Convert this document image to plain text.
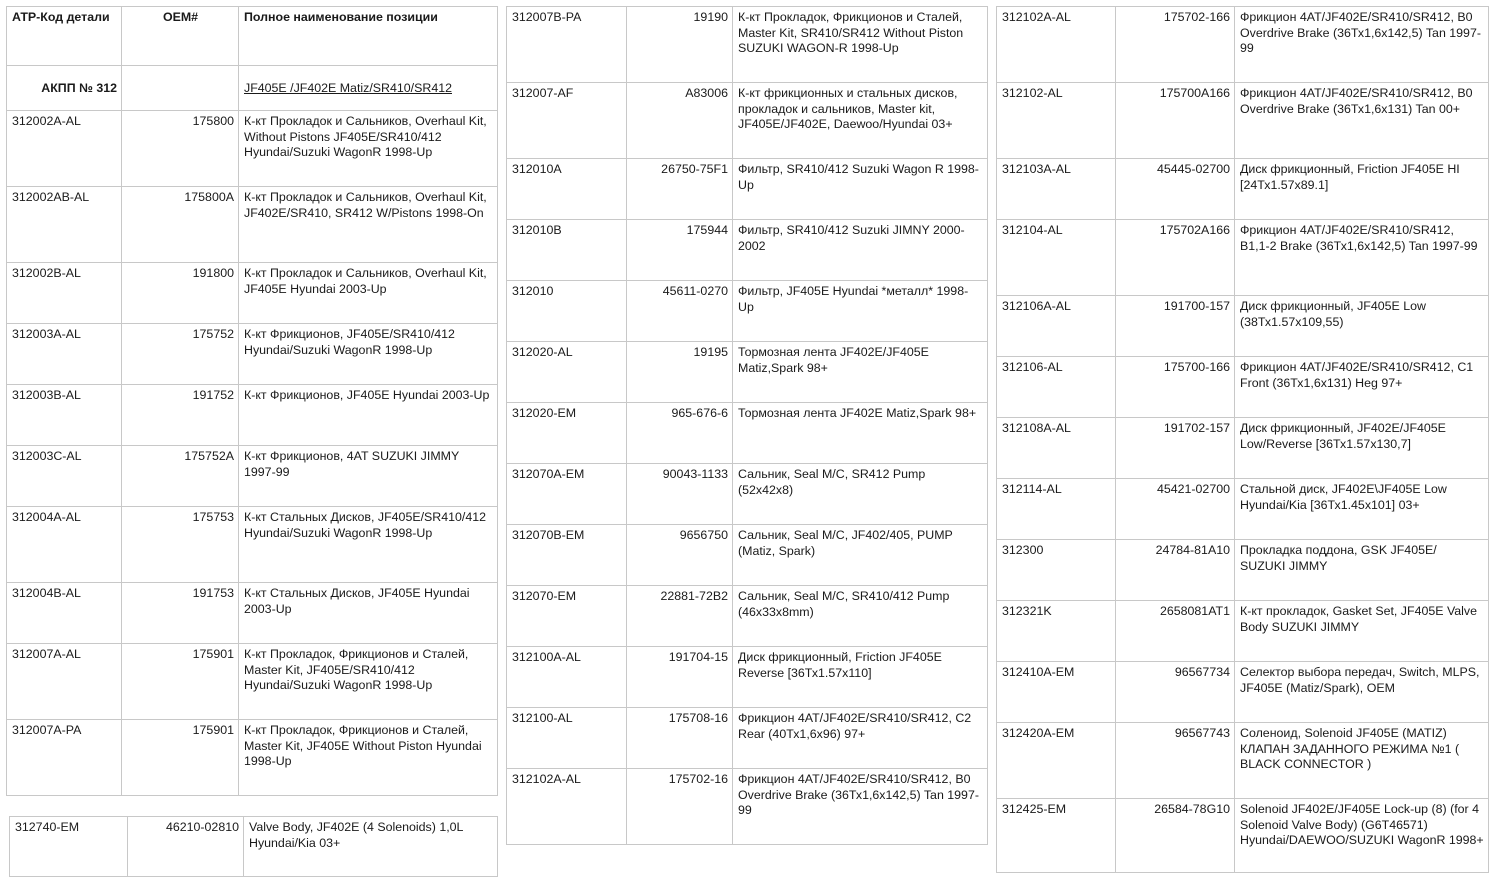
АТР-Код детали	OEM#	Полное наименование позиции
АКПП № 312		JF405E /JF402E Matiz/SR410/SR412
312002A-AL	175800	К-кт Прокладок и Сальников, Overhaul Kit, Without Pistons JF405E/SR410/412 Hyundai/Suzuki WagonR 1998-Up
312002AB-AL	175800A	К-кт Прокладок и Сальников, Overhaul Kit, JF402E/SR410, SR412 W/Pistons 1998-On
312002B-AL	191800	К-кт Прокладок и Сальников, Overhaul Kit, JF405E Hyundai 2003-Up
312003A-AL	175752	К-кт Фрикционов, JF405E/SR410/412 Hyundai/Suzuki WagonR 1998-Up
312003B-AL	191752	К-кт Фрикционов, JF405E Hyundai 2003-Up
312003C-AL	175752A	К-кт Фрикционов, 4AT SUZUKI JIMMY 1997-99
312004A-AL	175753	К-кт Стальных Дисков, JF405E/SR410/412 Hyundai/Suzuki WagonR 1998-Up
312004B-AL	191753	К-кт Стальных Дисков, JF405E Hyundai 2003-Up
312007A-AL	175901	К-кт Прокладок, Фрикционов и Сталей, Master Kit, JF405E/SR410/412 Hyundai/Suzuki WagonR 1998-Up
312007A-PA	175901	К-кт Прокладок, Фрикционов и Сталей, Master Kit, JF405E Without Piston Hyundai 1998-Up
312740-EM	46210-02810	Valve Body, JF402E (4 Solenoids) 1,0L Hyundai/Kia 03+
312007B-PA	19190	К-кт Прокладок, Фрикционов и Сталей, Master Kit, SR410/SR412 Without Piston SUZUKI WAGON-R 1998-Up
312007-AF	A83006	К-кт фрикционных и стальных дисков, прокладок и сальников, Master kit, JF405E/JF402E, Daewoo/Hyundai 03+
312010A	26750-75F1	Фильтр, SR410/412 Suzuki Wagon R 1998-Up
312010B	175944	Фильтр, SR410/412 Suzuki JIMNY 2000-2002
312010	45611-0270	Фильтр, JF405E Hyundai *металл* 1998-Up
312020-AL	19195	Тормозная лента JF402E/JF405E Matiz,Spark 98+
312020-EM	965-676-6	Тормозная лента JF402E Matiz,Spark 98+
312070A-EM	90043-1133	Сальник, Seal M/C, SR412 Pump (52x42x8)
312070B-EM	9656750	Сальник, Seal M/C, JF402/405, PUMP (Matiz, Spark)
312070-EM	22881-72B2	Сальник, Seal M/C, SR410/412 Pump (46x33x8mm)
312100A-AL	191704-15	Диск фрикционный, Friction JF405E Reverse [36Тх1.57х110]
312100-AL	175708-16	Фрикцион 4AT/JF402E/SR410/SR412, C2 Rear (40Тх1,6х96) 97+
312102A-AL	175702-16	Фрикцион 4AT/JF402E/SR410/SR412, B0 Overdrive Brake (36Тх1,6х142,5) Tan 1997-99
312102A-AL	175702-166	Фрикцион 4AT/JF402E/SR410/SR412, B0 Overdrive Brake (36Тх1,6х142,5) Tan 1997-99
312102-AL	175700A166	Фрикцион 4AT/JF402E/SR410/SR412, B0 Overdrive Brake (36Тх1,6х131) Tan 00+
312103A-AL	45445-02700	Диск фрикционный, Friction JF405E HI [24Тх1.57х89.1]
312104-AL	175702A166	Фрикцион 4AT/JF402E/SR410/SR412, B1,1-2 Brake (36Тх1,6х142,5) Tan 1997-99
312106A-AL	191700-157	Диск фрикционный, JF405E Low (38Тх1.57х109,55)
312106-AL	175700-166	Фрикцион 4AT/JF402E/SR410/SR412, C1 Front (36Тх1,6х131) Heg 97+
312108A-AL	191702-157	Диск фрикционный, JF402E/JF405E Low/Reverse [36Тх1.57х130,7]
312114-AL	45421-02700	Стальной диск, JF402E\JF405E Low Hyundai/Kia [36Тх1.45х101] 03+
312300	24784-81A10	Прокладка поддона, GSK JF405E/ SUZUKI JIMMY
312321K	2658081AT1	К-кт прокладок, Gasket Set, JF405E Valve Body SUZUKI JIMMY
312410A-EM	96567734	Селектор выбора передач, Switch, MLPS, JF405E (Matiz/Spark), OEM
312420A-EM	96567743	Соленоид, Solenoid JF405E (MATIZ) КЛАПАН ЗАДАННОГО РЕЖИМА №1 ( BLACK CONNECTOR )
312425-EM	26584-78G10	Solenoid JF402E/JF405E Lock-up (8) (for 4 Solenoid Valve Body) (G6T46571) Hyundai/DAEWOO/SUZUKI WagonR 1998+
